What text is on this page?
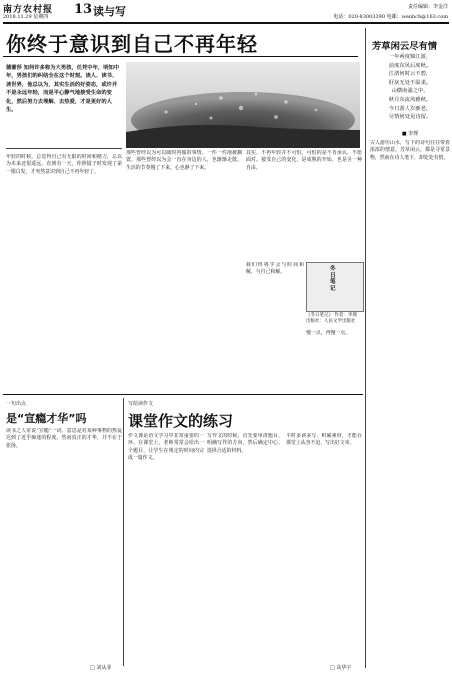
南方农村报
2018.11.29 星期四 13 读与写	责任编辑：李金洋
电话：020-83003390 电邮：wenhch@163.com
你终于意识到自己不再年轻
德蕾莎 知何许多称为大男孩，任凭中年，明知中年，男孩们的纠结全在这个时刻。读人、读书、读世界，他总以为，其实生活的好姿态，或许并不是永远年轻，而是平心静气地接受生命的变化，然后努力去理解、去热爱，才是更好的人生。
年轻的时候，总觉得自己有无限的时间和精力，总以为未来还很遥远。直到有一天，你照镜子时发现了第一根白发，才突然意识到自己不再年轻了。
那些曾经以为可以随时再做的事情，一件一件地被搁置。那些曾经以为会一直在身边的人，也渐渐走散。生活的节奏慢了下来，心也静了下来。
其实，不再年轻并不可怕。可怕的是不肯承认，不愿面对。接受自己的变化，是成熟的开始，也是另一种自由。
我们终将学会与时间和解，与自己和解。
慢一点，再慢一点。
冬日笔记
《冬日笔记》 作者：李理 出版社：人民文学出版社
芳草闲云尽有情
一年两度锦江游，
前度东风后度秋。
江渚何时云不碧，
肝灰无处不温柔。
山横南浦之中，
秋月东流风雅秋。
今日游人岁渐老，
尽情何处见诗留。
■ 李理
古人游历山水，写下的诗句往往带着浓浓的情意。芳草闲云，都是寻常景物，然而在诗人笔下，却处处有情。
一句出点
是“宣瘾才华”吗
读书之人常说“宣瘾”一词，意思是对某种事物的热爱达到了近乎痴迷的程度。然而真正的才华，并不在于张扬。
□ 刘从菲
写给读作文
课堂作文的练习
作文课是语文学习中非常重要的一环。在课堂上，老师常常会给出一个题目，让学生在规定的时间内完成一篇作文。
写作文的时候，首先要审清题目，明确写作的方向，然后确定中心，选择合适的材料。
平时多读多写，积累素材，才能在课堂上从容不迫，写出好文章。
□ 高华宇
